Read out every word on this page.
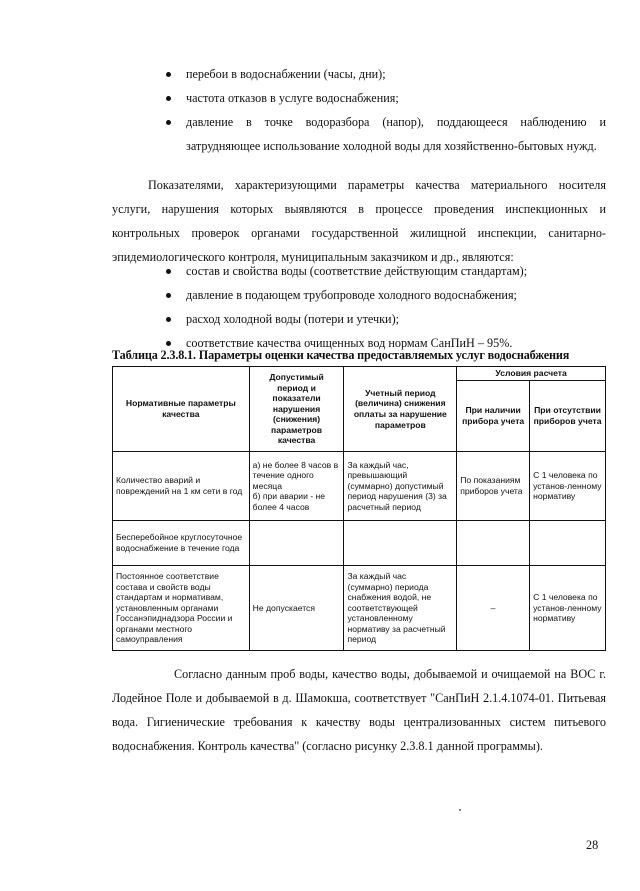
перебои в водоснабжении (часы, дни);
частота отказов в услуге водоснабжения;
давление в точке водоразбора (напор), поддающееся наблюдению и затрудняющее использование холодной воды для хозяйственно-бытовых нужд.

Показателями, характеризующими параметры качества материального носителя услуги, нарушения которых выявляются в процессе проведения инспекционных и контрольных проверок органами государственной жилищной инспекции, санитарно-эпидемиологического контроля, муниципальным заказчиком и др., являются:

состав и свойства воды (соответствие действующим стандартам);
давление в подающем трубопроводе холодного водоснабжения;
расход холодной воды (потери и утечки);
соответствие качества очищенных вод нормам СанПиН – 95%.

Таблица 2.3.8.1. Параметры оценки качества предоставляемых услуг водоснабжения

Нормативные параметры качества	Допустимый период и показатели нарушения (снижения) параметров качества	Учетный период (величина) снижения оплаты за нарушение параметров	Условия расчета	
			При наличии прибора учета	При отсутствии приборов учета
Количество аварий и повреждений на 1 км сети в год	а) не более 8 часов в течение одного месяца
б) при аварии - не более 4 часов	За каждый час, превышающий (суммарно) допустимый период нарушения (3) за расчетный период	По показаниям приборов учета	С 1 человека по установ-ленному нормативу
Бесперебойное круглосуточное водоснабжение в течение года				
Постоянное соответствие состава и свойств воды стандартам и нормативам, установленным органами Госсанэпиднадзора России и органами местного самоуправления	Не допускается	За каждый час (суммарно) периода снабжения водой, не соответствующей установленному нормативу за расчетный период	–	С 1 человека по установ-ленному нормативу

Согласно данным проб воды, качество воды, добываемой и очищаемой на ВОС г. Лодейное Поле и добываемой в д. Шамокша, соответствует "СанПиН 2.1.4.1074-01. Питьевая вода. Гигиенические требования к качеству воды централизованных систем питьевого водоснабжения. Контроль качества" (согласно рисунку 2.3.8.1 данной программы).

28
